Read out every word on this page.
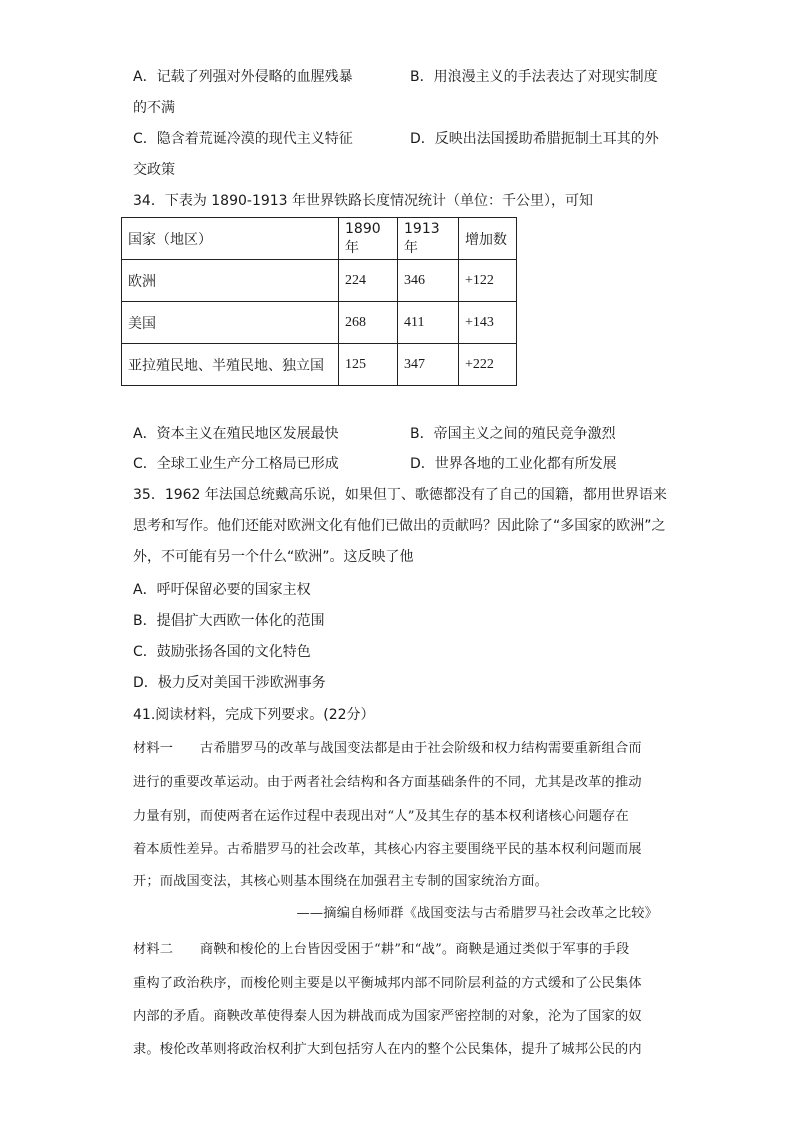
A．记载了列强对外侵略的血腥残暴	B．用浪漫主义的手法表达了对现实制度
的不满
C．隐含着荒诞冷漠的现代主义特征	D．反映出法国援助希腊扼制土耳其的外
交政策
34．下表为 1890-1913 年世界铁路长度情况统计（单位：千公里），可知
国家（地区）	1890 年	1913 年	增加数
欧洲	224	346	+122
美国	268	411	+143
亚拉殖民地、半殖民地、独立国	125	347	+222
A．资本主义在殖民地区发展最快	B．帝国主义之间的殖民竞争激烈
C．全球工业生产分工格局已形成	D．世界各地的工业化都有所发展
35．1962 年法国总统戴高乐说，如果但丁、歌德都没有了自己的国籍，都用世界语来
思考和写作。他们还能对欧洲文化有他们已做出的贡献吗？因此除了“多国家的欧洲”之
外，不可能有另一个什么“欧洲”。这反映了他
A．呼吁保留必要的国家主权
B．提倡扩大西欧一体化的范围
C．鼓励张扬各国的文化特色
D．极力反对美国干涉欧洲事务
41.阅读材料，完成下列要求。(22分）
材料一　　古希腊罗马的改革与战国变法都是由于社会阶级和权力结构需要重新组合而
进行的重要改革运动。由于两者社会结构和各方面基础条件的不同，尤其是改革的推动
力量有别，而使两者在运作过程中表现出对“人”及其生存的基本权利诸核心问题存在
着本质性差异。古希腊罗马的社会改革，其核心内容主要围绕平民的基本权利问题而展
开；而战国变法，其核心则基本围绕在加强君主专制的国家统治方面。
——摘编自杨师群《战国变法与古希腊罗马社会改革之比较》
材料二　　商鞅和梭伦的上台皆因受困于“耕”和“战”。商鞅是通过类似于军事的手段
重构了政治秩序，而梭伦则主要是以平衡城邦内部不同阶层利益的方式缓和了公民集体
内部的矛盾。商鞅改革使得秦人因为耕战而成为国家严密控制的对象，沦为了国家的奴
隶。梭伦改革则将政治权利扩大到包括穷人在内的整个公民集体，提升了城邦公民的内
